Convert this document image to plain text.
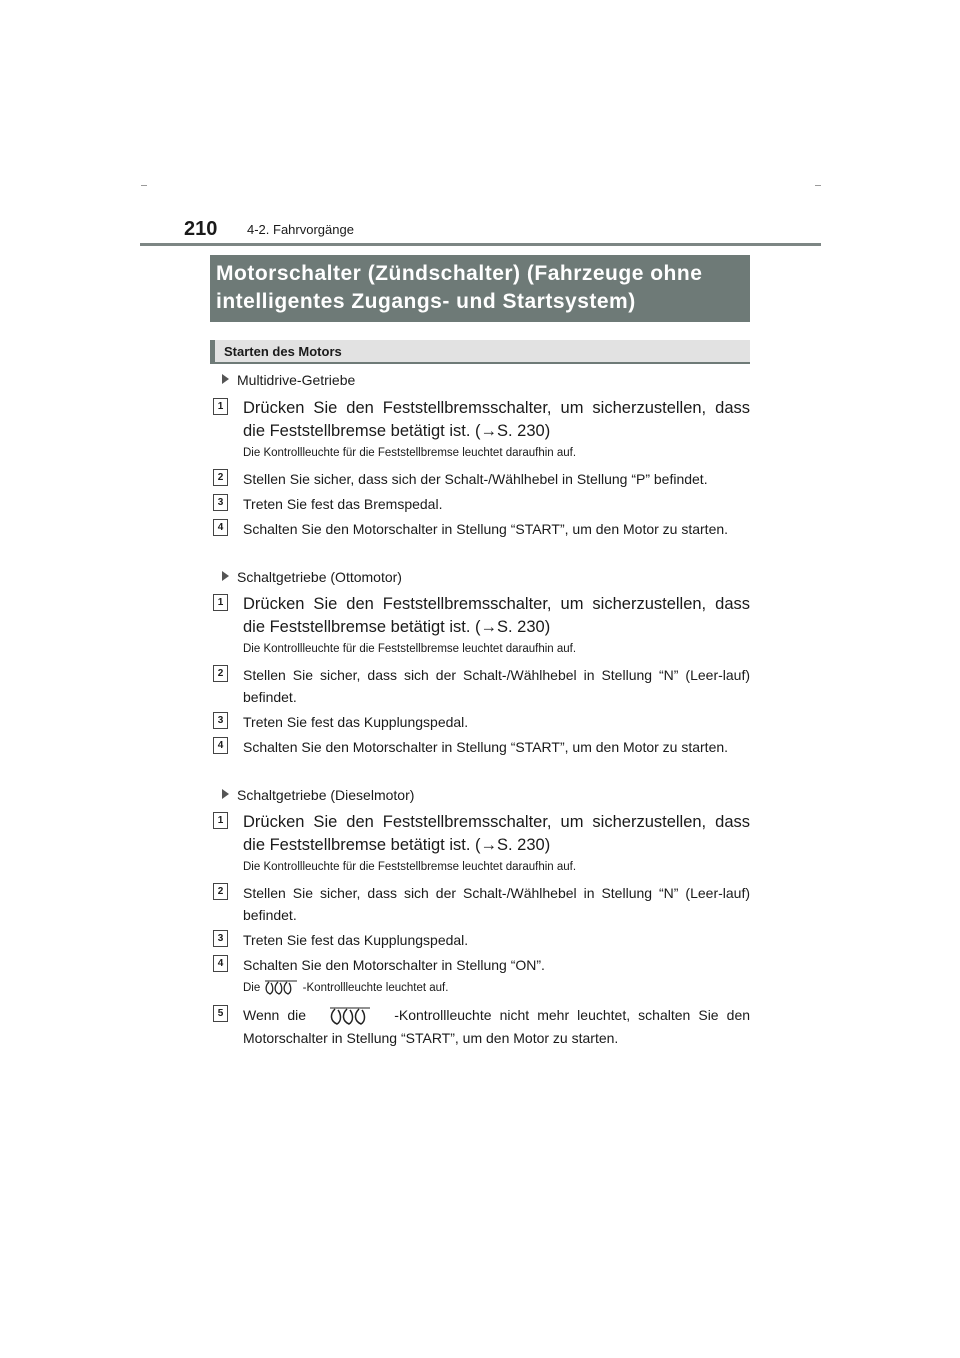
210 4-2. Fahrvorgänge
Motorschalter (Zündschalter) (Fahrzeuge ohne
intelligentes Zugangs- und Startsystem)
Starten des Motors
Multidrive-Getriebe
1 Drücken Sie den Feststellbremsschalter, um sicherzustellen, dass die Feststellbremse betätigt ist. (→S. 230)
Die Kontrollleuchte für die Feststellbremse leuchtet daraufhin auf.
2	Stellen Sie sicher, dass sich der Schalt-/Wählhebel in Stellung “P” befindet.
3	Treten Sie fest das Bremspedal.
4	Schalten Sie den Motorschalter in Stellung “START”, um den Motor zu starten.
Schaltgetriebe (Ottomotor)
1 Drücken Sie den Feststellbremsschalter, um sicherzustellen, dass die Feststellbremse betätigt ist. (→S. 230)
Die Kontrollleuchte für die Feststellbremse leuchtet daraufhin auf.
2	Stellen Sie sicher, dass sich der Schalt-/Wählhebel in Stellung “N” (Leer-lauf) befindet.
3	Treten Sie fest das Kupplungspedal.
4	Schalten Sie den Motorschalter in Stellung “START”, um den Motor zu starten.
Schaltgetriebe (Dieselmotor)
1 Drücken Sie den Feststellbremsschalter, um sicherzustellen, dass die Feststellbremse betätigt ist. (→S. 230)
Die Kontrollleuchte für die Feststellbremse leuchtet daraufhin auf.
2	Stellen Sie sicher, dass sich der Schalt-/Wählhebel in Stellung “N” (Leer-lauf) befindet.
3	Treten Sie fest das Kupplungspedal.
4	Schalten Sie den Motorschalter in Stellung “ON”.
Die	-Kontrollleuchte leuchtet auf.
5	Wenn die	-Kontrollleuchte nicht mehr leuchtet, schalten Sie den Motorschalter in Stellung “START”, um den Motor zu starten.
